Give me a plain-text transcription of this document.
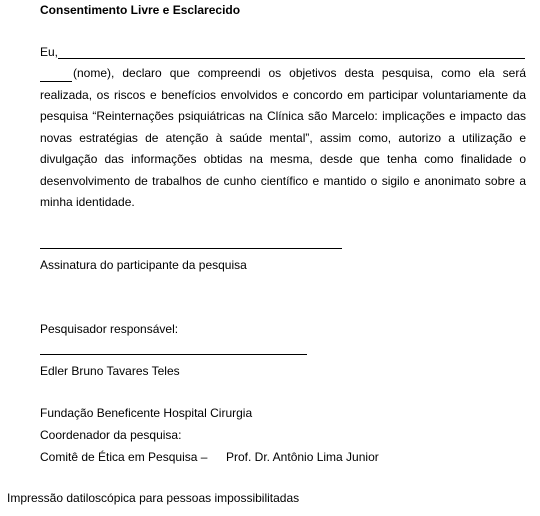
Consentimento Livre e Esclarecido
Eu,
(nome), declaro que compreendi os objetivos desta pesquisa, como ela será realizada, os riscos e benefícios envolvidos e concordo em participar voluntariamente da pesquisa “Reinternações psiquiátricas na Clínica são Marcelo: implicações e impacto das novas estratégias de atenção à saúde mental”, assim como, autorizo a utilização e divulgação das informações obtidas na mesma, desde que tenha como finalidade o desenvolvimento de trabalhos de cunho científico e mantido o sigilo e anonimato sobre a minha identidade.
Assinatura do participante da pesquisa
Pesquisador responsável:
Edler Bruno Tavares Teles
Fundação Beneficente Hospital Cirurgia
Coordenador da pesquisa:
Comitê de Ética em Pesquisa – Prof. Dr. Antônio Lima Junior
Impressão datiloscópica para pessoas impossibilitadas
